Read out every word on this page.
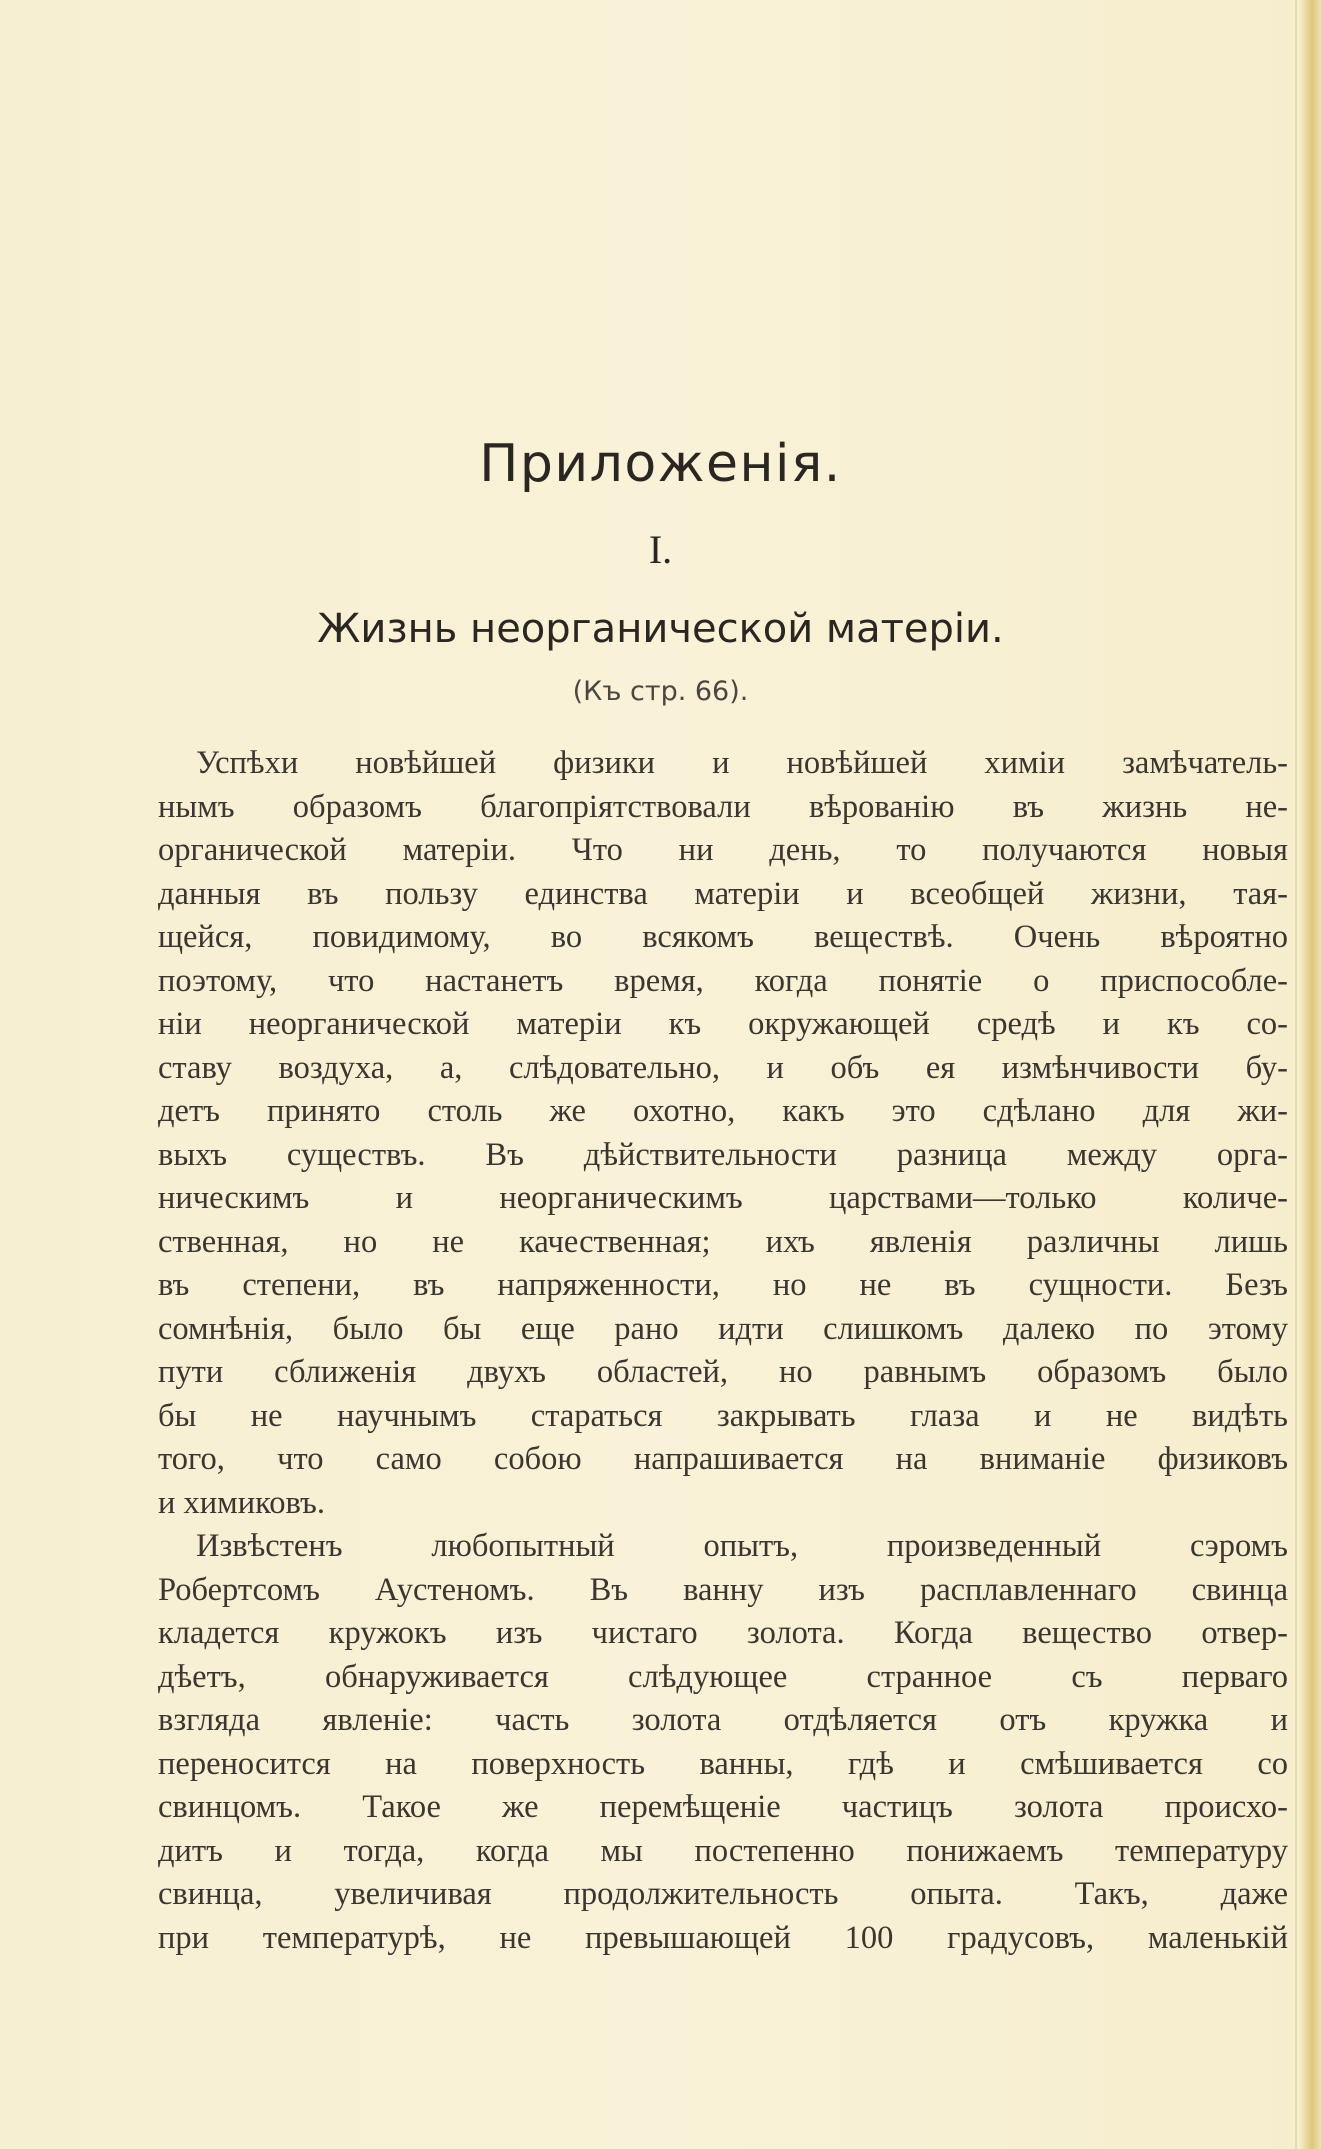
Приложенія.
I.
Жизнь неорганической матеріи.
(Къ стр. 66).
Успѣхи новѣйшей физики и новѣйшей химіи замѣчатель-
нымъ образомъ благопріятствовали вѣрованію въ жизнь не-
органической матеріи. Что ни день, то получаются новыя
данныя въ пользу единства матеріи и всеобщей жизни, тая-
щейся, повидимому, во всякомъ веществѣ. Очень вѣроятно
поэтому, что настанетъ время, когда понятіе о приспособле-
ніи неорганической матеріи къ окружающей средѣ и къ со-
ставу воздуха, а, слѣдовательно, и объ ея измѣнчивости бу-
детъ принято столь же охотно, какъ это сдѣлано для жи-
выхъ существъ. Въ дѣйствительности разница между орга-
ническимъ и неорганическимъ царствами—только количе-
ственная, но не качественная; ихъ явленія различны лишь
въ степени, въ напряженности, но не въ сущности. Безъ
сомнѣнія, было бы еще рано идти слишкомъ далеко по этому
пути сближенія двухъ областей, но равнымъ образомъ было
бы не научнымъ стараться закрывать глаза и не видѣть
того, что само собою напрашивается на вниманіе физиковъ
и химиковъ.
Извѣстенъ любопытный опытъ, произведенный сэромъ
Робертсомъ Аустеномъ. Въ ванну изъ расплавленнаго свинца
кладется кружокъ изъ чистаго золота. Когда вещество отвер-
дѣетъ, обнаруживается слѣдующее странное съ перваго
взгляда явленіе: часть золота отдѣляется отъ кружка и
переносится на поверхность ванны, гдѣ и смѣшивается со
свинцомъ. Такое же перемѣщеніе частицъ золота происхо-
дитъ и тогда, когда мы постепенно понижаемъ температуру
свинца, увеличивая продолжительность опыта. Такъ, даже
при температурѣ, не превышающей 100 градусовъ, маленькій
